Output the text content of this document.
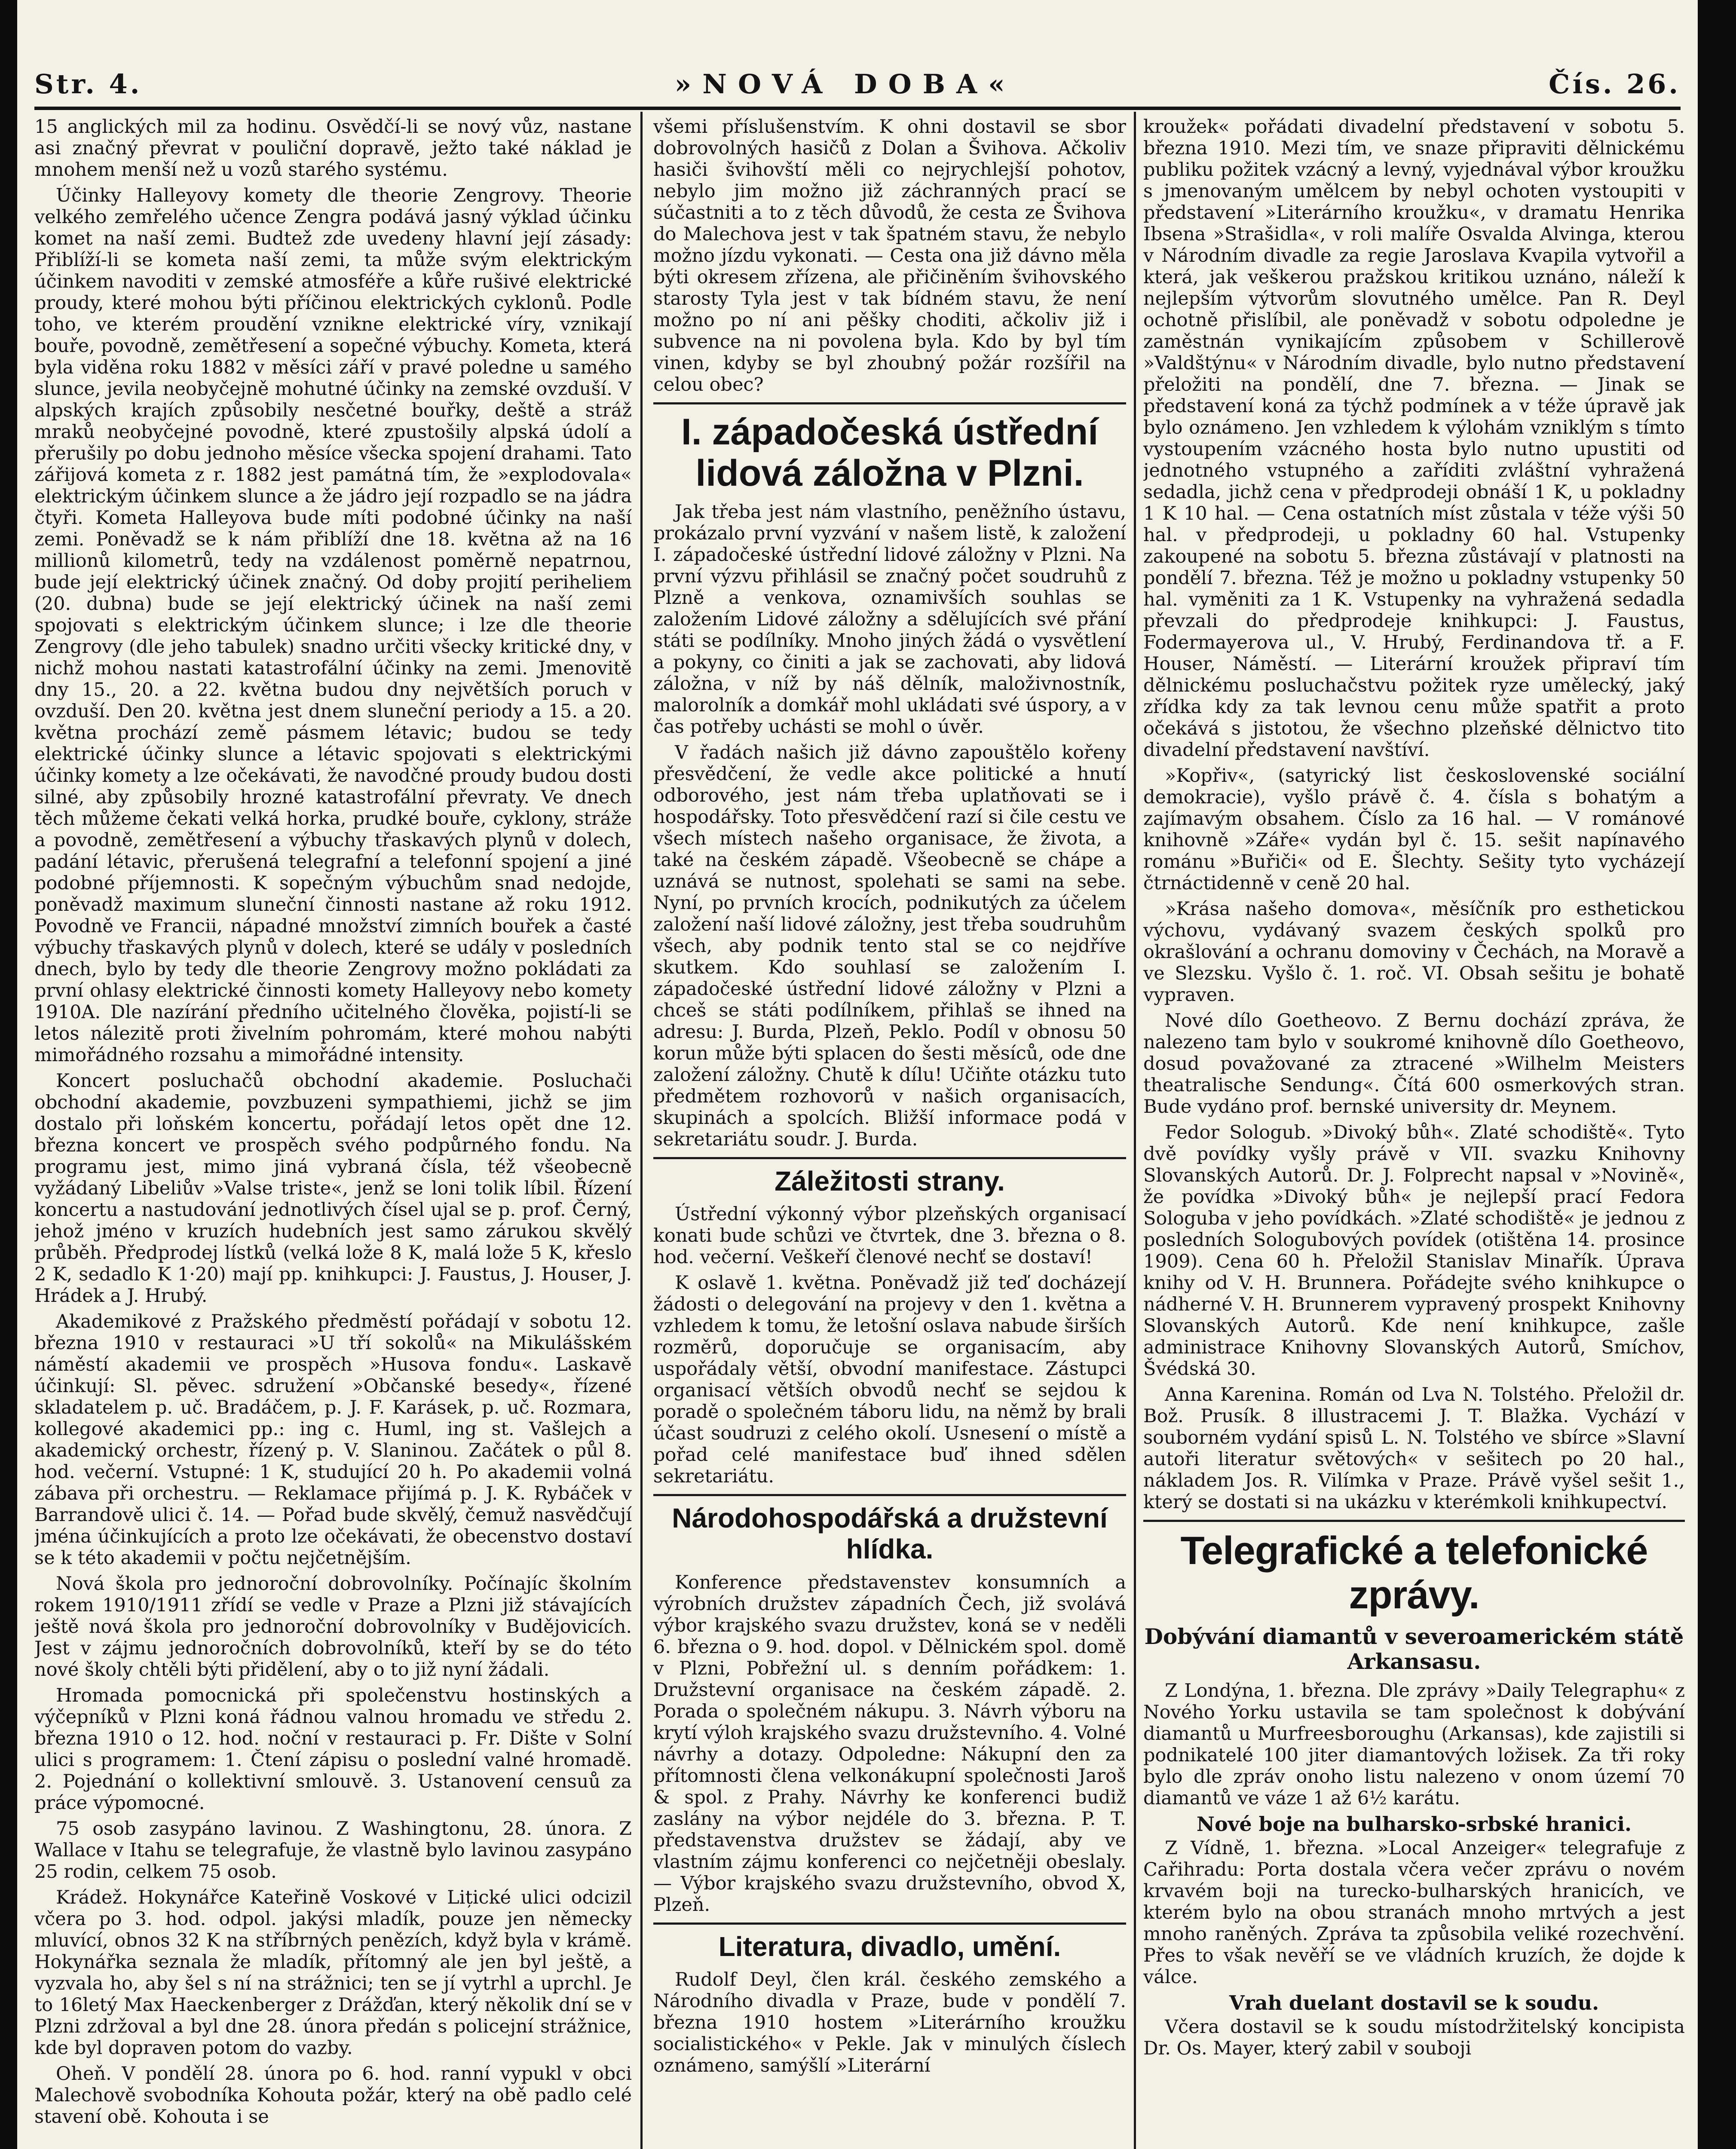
Str. 4.	»NOVÁ DOBA«	Čís. 26.

15 anglických mil za hodinu. Osvědčí-li se nový vůz, nastane asi značný převrat v pouliční dopravě, ježto také náklad je mnohem menší než u vozů starého systému.

Účinky Halleyovy komety dle theorie Zengrovy. Theorie velkého zemřelého učence Zengra podává jasný výklad účinku komet na naší zemi. Budtež zde uvedeny hlavní její zásady: Přiblíží-li se kometa naší zemi, ta může svým elektrickým účinkem navoditi v zemské atmosféře a kůře rušivé elektrické proudy, které mohou býti příčinou elektrických cyklonů. Podle toho, ve kterém proudění vznikne elektrické víry, vznikají bouře, povodně, zemětřesení a sopečné výbuchy. Kometa, která byla viděna roku 1882 v měsíci září v pravé poledne u samého slunce, jevila neobyčejně mohutné účinky na zemské ovzduší. V alpských krajích způsobily nesčetné bouřky, deště a stráž mraků neobyčejné povodně, které zpustošily alpská údolí a přerušily po dobu jednoho měsíce všecka spojení drahami. Tato zářijová kometa z r. 1882 jest památná tím, že »explodovala« elektrickým účinkem slunce a že jádro její rozpadlo se na jádra čtyři. Kometa Halleyova bude míti podobné účinky na naší zemi. Poněvadž se k nám přiblíží dne 18. května až na 16 millionů kilometrů, tedy na vzdálenost poměrně nepatrnou, bude její elektrický účinek značný. Od doby projití periheliem (20. dubna) bude se její elektrický účinek na naší zemi spojovati s elektrickým účinkem slunce; i lze dle theorie Zengrovy (dle jeho tabulek) snadno určiti všecky kritické dny, v nichž mohou nastati katastrofální účinky na zemi. Jmenovitě dny 15., 20. a 22. května budou dny největších poruch v ovzduší. Den 20. května jest dnem sluneční periody a 15. a 20. května prochází země pásmem létavic; budou se tedy elektrické účinky slunce a létavic spojovati s elektrickými účinky komety a lze očekávati, že navodčné proudy budou dosti silné, aby způsobily hrozné katastrofální převraty. Ve dnech těch můžeme čekati velká horka, prudké bouře, cyklony, stráže a povodně, zemětřesení a výbuchy třaskavých plynů v dolech, padání létavic, přerušená telegrafní a telefonní spojení a jiné podobné příjemnosti. K sopečným výbuchům snad nedojde, poněvadž maximum sluneční činnosti nastane až roku 1912. Povodně ve Francii, nápadné množství zimních bouřek a časté výbuchy třaskavých plynů v dolech, které se udály v posledních dnech, bylo by tedy dle theorie Zengrovy možno pokládati za první ohlasy elektrické činnosti komety Halleyovy nebo komety 1910A. Dle nazírání předního učitelného člověka, pojistí-li se letos nálezitě proti živelním pohromám, které mohou nabýti mimořádného rozsahu a mimořádné intensity.

Koncert posluchačů obchodní akademie. Posluchači obchodní akademie, povzbuzeni sympathiemi, jichž se jim dostalo při loňském koncertu, pořádají letos opět dne 12. března koncert ve prospěch svého podpůrného fondu. Na programu jest, mimo jiná vybraná čísla, též všeobecně vyžádaný Libeliův »Valse triste«, jenž se loni tolik líbil. Řízení koncertu a nastudování jednotlivých čísel ujal se p. prof. Černý, jehož jméno v kruzích hudebních jest samo zárukou skvělý průběh. Předprodej lístků (velká lože 8 K, malá lože 5 K, křeslo 2 K, sedadlo K 1·20) mají pp. knihkupci: J. Faustus, J. Houser, J. Hrádek a J. Hrubý.

Akademikové z Pražského předměstí pořádají v sobotu 12. března 1910 v restauraci »U tří sokolů« na Mikulášském náměstí akademii ve prospěch »Husova fondu«. Laskavě účinkují: Sl. pěvec. sdružení »Občanské besedy«, řízené skladatelem p. uč. Bradáčem, p. J. F. Karásek, p. uč. Rozmara, kollegové akademici pp.: ing c. Huml, ing st. Vašlejch a akademický orchestr, řízený p. V. Slaninou. Začátek o půl 8. hod. večerní. Vstupné: 1 K, studující 20 h. Po akademii volná zábava při orchestru. — Reklamace přijímá p. J. K. Rybáček v Barrandově ulici č. 14. — Pořad bude skvělý, čemuž nasvědčují jména účinkujících a proto lze očekávati, že obecenstvo dostaví se k této akademii v počtu nejčetnějším.

Nová škola pro jednoroční dobrovolníky. Počínajíc školním rokem 1910/1911 zřídí se vedle v Praze a Plzni již stávajících ještě nová škola pro jednoroční dobrovolníky v Budějovicích. Jest v zájmu jednoročních dobrovolníků, kteří by se do této nové školy chtěli býti přidělení, aby o to již nyní žádali.

Hromada pomocnická při společenstvu hostinských a výčepníků v Plzni koná řádnou valnou hromadu ve středu 2. března 1910 o 12. hod. noční v restauraci p. Fr. Dište v Solní ulici s programem: 1. Čtení zápisu o poslední valné hromadě. 2. Pojednání o kollektivní smlouvě. 3. Ustanovení censuů za práce výpomocné.

75 osob zasypáno lavinou. Z Washingtonu, 28. února. Z Wallace v Itahu se telegrafuje, že vlastně bylo lavinou zasypáno 25 rodin, celkem 75 osob.

Krádež. Hokynářce Kateřině Voskové v Lițické ulici odcizil včera po 3. hod. odpol. jakýsi mladík, pouze jen německy mluvící, obnos 32 K na stříbrných penězích, když byla v krámě. Hokynářka seznala že mladík, přítomný ale jen byl ještě, a vyzvala ho, aby šel s ní na strážnici; ten se jí vytrhl a uprchl. Je to 16letý Max Haeckenberger z Drážďan, který několik dní se v Plzni zdržoval a byl dne 28. února předán s policejní strážnice, kde byl dopraven potom do vazby.

Oheň. V pondělí 28. února po 6. hod. ranní vypukl v obci Malechově svobodníka Kohouta požár, který na obě padlo celé stavení obě. Kohouta i se

všemi příslušenstvím. K ohni dostavil se sbor dobrovolných hasičů z Dolan a Švihova. Ačkoliv hasiči švihovští měli co nejrychlejší pohotov, nebylo jim možno již záchranných prací se súčastniti a to z těch důvodů, že cesta ze Švihova do Malechova jest v tak špatném stavu, že nebylo možno jízdu vykonati. — Cesta ona již dávno měla býti okresem zřízena, ale přičiněním švihovského starosty Tyla jest v tak bídném stavu, že není možno po ní ani pěšky choditi, ačkoliv již i subvence na ni povolena byla. Kdo by byl tím vinen, kdyby se byl zhoubný požár rozšířil na celou obec?

I. západočeská ústřední lidová záložna v Plzni.

Jak třeba jest nám vlastního, peněžního ústavu, prokázalo první vyzvání v našem listě, k založení I. západočeské ústřední lidové záložny v Plzni. Na první výzvu přihlásil se značný počet soudruhů z Plzně a venkova, oznamivších souhlas se založením Lidové záložny a sdělujících své přání státi se podílníky. Mnoho jiných žádá o vysvětlení a pokyny, co činiti a jak se zachovati, aby lidová záložna, v níž by náš dělník, maloživnostník, malorolník a domkář mohl ukládati své úspory, a v čas potřeby uchásti se mohl o úvěr.

V řadách našich již dávno zapouštělo kořeny přesvědčení, že vedle akce politické a hnutí odborového, jest nám třeba uplatňovati se i hospodářsky. Toto přesvědčení razí si čile cestu ve všech místech našeho organisace, že života, a také na českém západě. Všeobecně se chápe a uznává se nutnost, spolehati se sami na sebe. Nyní, po prvních krocích, podnikutých za účelem založení naší lidové záložny, jest třeba soudruhům všech, aby podnik tento stal se co nejdříve skutkem. Kdo souhlasí se založením I. západočeské ústřední lidové záložny v Plzni a chceš se státi podílníkem, přihlaš se ihned na adresu: J. Burda, Plzeň, Peklo. Podíl v obnosu 50 korun může býti splacen do šesti měsíců, ode dne založení záložny. Chutě k dílu! Učiňte otázku tuto předmětem rozhovorů v našich organisacích, skupinách a spolcích. Bližší informace podá v sekretariátu soudr. J. Burda.

Záležitosti strany.

Ústřední výkonný výbor plzeňských organisací konati bude schůzi ve čtvrtek, dne 3. března o 8. hod. večerní. Veškeří členové nechť se dostaví!

K oslavě 1. května. Poněvadž již teď docházejí žádosti o delegování na projevy v den 1. května a vzhledem k tomu, že letošní oslava nabude širších rozměrů, doporučuje se organisacím, aby uspořádaly větší, obvodní manifestace. Zástupci organisací větších obvodů nechť se sejdou k poradě o společném táboru lidu, na němž by brali účast soudruzi z celého okolí. Usnesení o místě a pořad celé manifestace buď ihned sdělen sekretariátu.

Národohospodářská a družstevní hlídka.

Konference představenstev konsumních a výrobních družstev západních Čech, již svolává výbor krajského svazu družstev, koná se v neděli 6. března o 9. hod. dopol. v Dělnickém spol. domě v Plzni, Pobřežní ul. s denním pořádkem: 1. Družstevní organisace na českém západě. 2. Porada o společném nákupu. 3. Návrh výboru na krytí výloh krajského svazu družstevního. 4. Volné návrhy a dotazy. Odpoledne: Nákupní den za přítomnosti člena velkonákupní společnosti Jaroš & spol. z Prahy. Návrhy ke konferenci budiž zaslány na výbor nejdéle do 3. března. P. T. představenstva družstev se žádají, aby ve vlastním zájmu konferenci co nejčetněji obeslaly. — Výbor krajského svazu družstevního, obvod X, Plzeň.

Literatura, divadlo, umění.

Rudolf Deyl, člen král. českého zemského a Národního divadla v Praze, bude v pondělí 7. března 1910 hostem »Literárního kroužku socialistického« v Pekle. Jak v minulých číslech oznámeno, samýšlí »Literární

kroužek« pořádati divadelní představení v sobotu 5. března 1910. Mezi tím, ve snaze připraviti dělnickému publiku požitek vzácný a levný, vyjednával výbor kroužku s jmenovaným umělcem by nebyl ochoten vystoupiti v představení »Literárního kroužku«, v dramatu Henrika Ibsena »Strašidla«, v roli malíře Osvalda Alvinga, kterou v Národním divadle za regie Jaroslava Kvapila vytvořil a která, jak veškerou pražskou kritikou uznáno, náleží k nejlepším výtvorům slovutného umělce. Pan R. Deyl ochotně přislíbil, ale poněvadž v sobotu odpoledne je zaměstnán vynikajícím způsobem v Schillerově »Valdštýnu« v Národním divadle, bylo nutno představení přeložiti na pondělí, dne 7. března. — Jinak se představení koná za týchž podmínek a v téže úpravě jak bylo oznámeno. Jen vzhledem k výlohám vzniklým s tímto vystoupením vzácného hosta bylo nutno upustiti od jednotného vstupného a zaříditi zvláštní vyhražená sedadla, jichž cena v předprodeji obnáší 1 K, u pokladny 1 K 10 hal. — Cena ostatních míst zůstala v téže výši 50 hal. v předprodeji, u pokladny 60 hal. Vstupenky zakoupené na sobotu 5. března zůstávají v platnosti na pondělí 7. března. Též je možno u pokladny vstupenky 50 hal. vyměniti za 1 K. Vstupenky na vyhražená sedadla převzali do předprodeje knihkupci: J. Faustus, Fodermayerova ul., V. Hrubý, Ferdinandova tř. a F. Houser, Náměstí. — Literární kroužek připraví tím dělnickému posluchačstvu požitek ryze umělecký, jaký zřídka kdy za tak levnou cenu může spatřit a proto očekává s jistotou, že všechno plzeňské dělnictvo tito divadelní představení navštíví.

»Kopřiv«, (satyrický list československé sociální demokracie), vyšlo právě č. 4. čísla s bohatým a zajímavým obsahem. Číslo za 16 hal. — V románové knihovně »Záře« vydán byl č. 15. sešit napínavého románu »Buřiči« od E. Šlechty. Sešity tyto vycházejí čtrnáctidenně v ceně 20 hal.

»Krása našeho domova«, měsíčník pro esthetickou výchovu, vydávaný svazem českých spolků pro okrašlování a ochranu domoviny v Čechách, na Moravě a ve Slezsku. Vyšlo č. 1. roč. VI. Obsah sešitu je bohatě vypraven.

Nové dílo Goetheovo. Z Bernu dochází zpráva, že nalezeno tam bylo v soukromé knihovně dílo Goetheovo, dosud považované za ztracené »Wilhelm Meisters theatralische Sendung«. Čítá 600 osmerkových stran. Bude vydáno prof. bernské university dr. Meynem.

Fedor Sologub. »Divoký bůh«. Zlaté schodiště«. Tyto dvě povídky vyšly právě v VII. svazku Knihovny Slovanských Autorů. Dr. J. Folprecht napsal v »Novině«, že povídka »Divoký bůh« je nejlepší prací Fedora Sologuba v jeho povídkách. »Zlaté schodiště« je jednou z posledních Sologubových povídek (otištěna 14. prosince 1909). Cena 60 h. Přeložil Stanislav Minařík. Úprava knihy od V. H. Brunnera. Pořádejte svého knihkupce o nádherné V. H. Brunnerem vypravený prospekt Knihovny Slovanských Autorů. Kde není knihkupce, zašle administrace Knihovny Slovanských Autorů, Smíchov, Švédská 30.

Anna Karenina. Román od Lva N. Tolstého. Přeložil dr. Bož. Prusík. 8 illustracemi J. T. Blažka. Vychází v souborném vydání spisů L. N. Tolstého ve sbírce »Slavní autoři literatur světových« v sešitech po 20 hal., nákladem Jos. R. Vilímka v Praze. Právě vyšel sešit 1., který se dostati si na ukázku v kterémkoli knihkupectví.

Telegrafické a telefonické zprávy.
Dobývání diamantů v severoamerickém státě Arkansasu.

Z Londýna, 1. března. Dle zprávy »Daily Telegraphu« z Nového Yorku ustavila se tam společnost k dobývání diamantů u Murfreesboroughu (Arkansas), kde zajistili si podnikatelé 100 jiter diamantových ložisek. Za tři roky bylo dle zpráv onoho listu nalezeno v onom území 70 diamantů ve váze 1 až 6½ karátu.

Nové boje na bulharsko-srbské hranici.

Z Vídně, 1. března. »Local Anzeiger« telegrafuje z Cařihradu: Porta dostala včera večer zprávu o novém krvavém boji na turecko-bulharských hranicích, ve kterém bylo na obou stranách mnoho mrtvých a jest mnoho raněných. Zpráva ta způsobila veliké rozechvění. Přes to však nevěří se ve vládních kruzích, že dojde k válce.

Vrah duelant dostavil se k soudu.

Včera dostavil se k soudu místodržitelský koncipista Dr. Os. Mayer, který zabil v souboji
